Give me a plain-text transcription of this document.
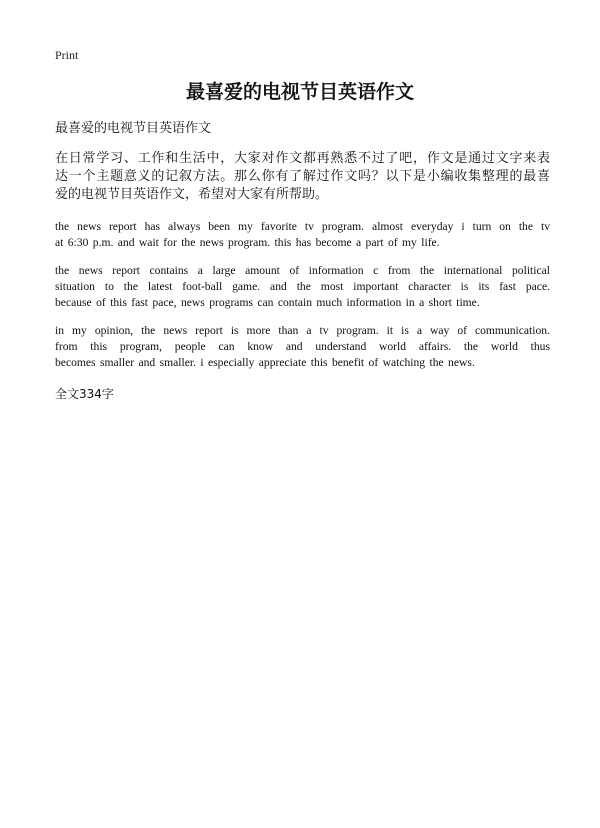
Print
最喜爱的电视节目英语作文
最喜爱的电视节目英语作文

在日常学习、工作和生活中，大家对作文都再熟悉不过了吧，作文是通过文字来表
达一个主题意义的记叙方法。那么你有了解过作文吗？以下是小编收集整理的最喜
爱的电视节目英语作文，希望对大家有所帮助。

the news report has always been my favorite tv program. almost everyday i turn on the tv
at 6:30 p.m. and wait for the news program. this has become a part of my life.

the news report contains a large amount of information c from the international political
situation to the latest foot-ball game. and the most important character is its fast pace.
because of this fast pace, news programs can contain much information in a short time.

in my opinion, the news report is more than a tv program. it is a way of communication.
from this program, people can know and understand world affairs. the world thus
becomes smaller and smaller. i especially appreciate this benefit of watching the news.

全文334字
